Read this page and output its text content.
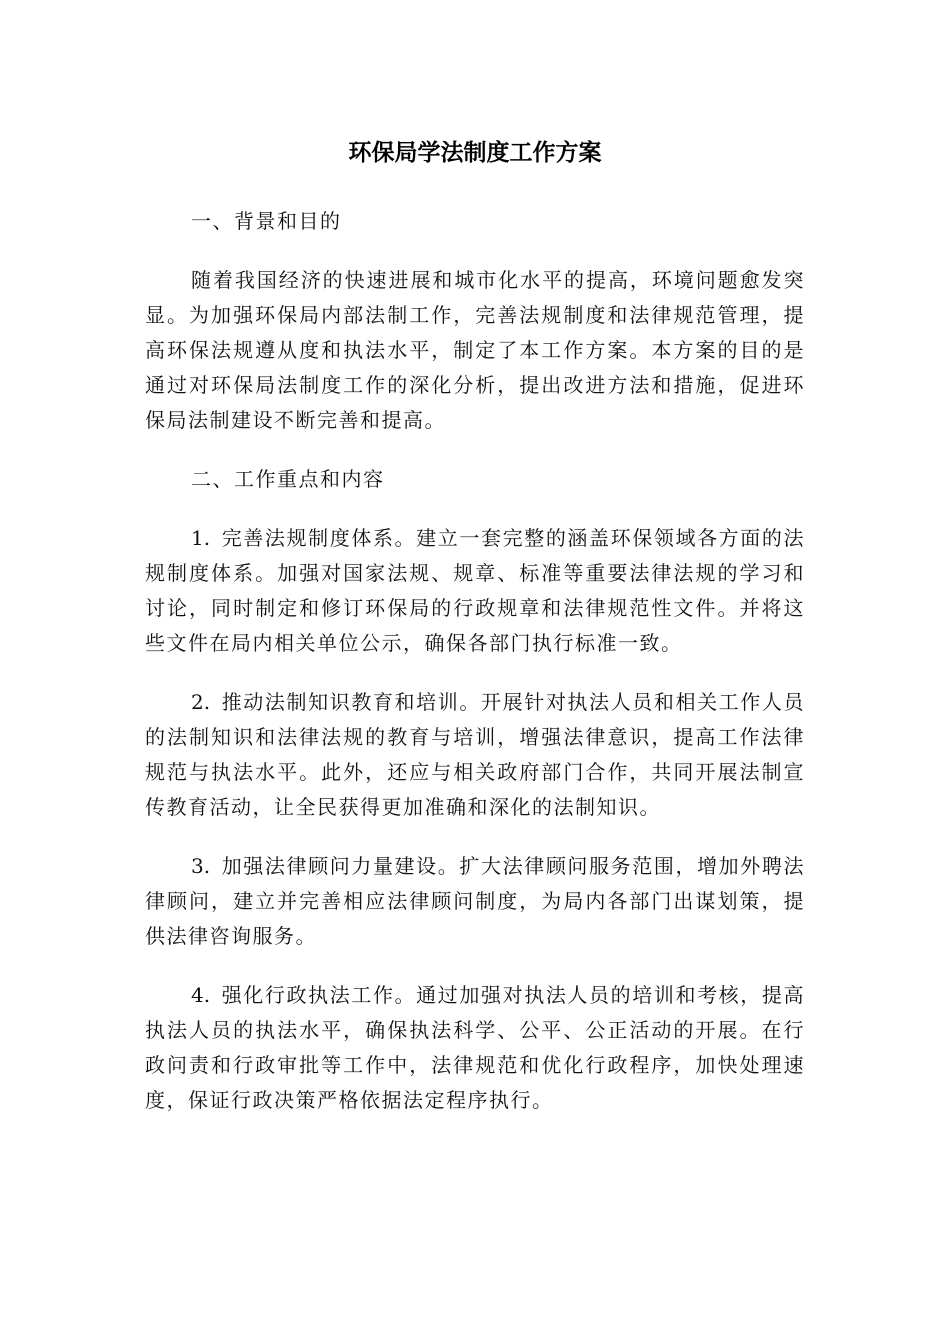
环保局学法制度工作方案

一、背景和目的

随着我国经济的快速进展和城市化水平的提高，环境问题愈发突显。为加强环保局内部法制工作，完善法规制度和法律规范管理，提高环保法规遵从度和执法水平，制定了本工作方案。本方案的目的是通过对环保局法制度工作的深化分析，提出改进方法和措施，促进环保局法制建设不断完善和提高。

二、工作重点和内容

1.  完善法规制度体系。建立一套完整的涵盖环保领域各方面的法规制度体系。加强对国家法规、规章、标准等重要法律法规的学习和讨论，同时制定和修订环保局的行政规章和法律规范性文件。并将这些文件在局内相关单位公示，确保各部门执行标准一致。

2.  推动法制知识教育和培训。开展针对执法人员和相关工作人员的法制知识和法律法规的教育与培训，增强法律意识，提高工作法律规范与执法水平。此外，还应与相关政府部门合作，共同开展法制宣传教育活动，让全民获得更加准确和深化的法制知识。

3.  加强法律顾问力量建设。扩大法律顾问服务范围，增加外聘法律顾问，建立并完善相应法律顾问制度，为局内各部门出谋划策，提供法律咨询服务。

4.  强化行政执法工作。通过加强对执法人员的培训和考核，提高执法人员的执法水平，确保执法科学、公平、公正活动的开展。在行政问责和行政审批等工作中，法律规范和优化行政程序，加快处理速度，保证行政决策严格依据法定程序执行。
